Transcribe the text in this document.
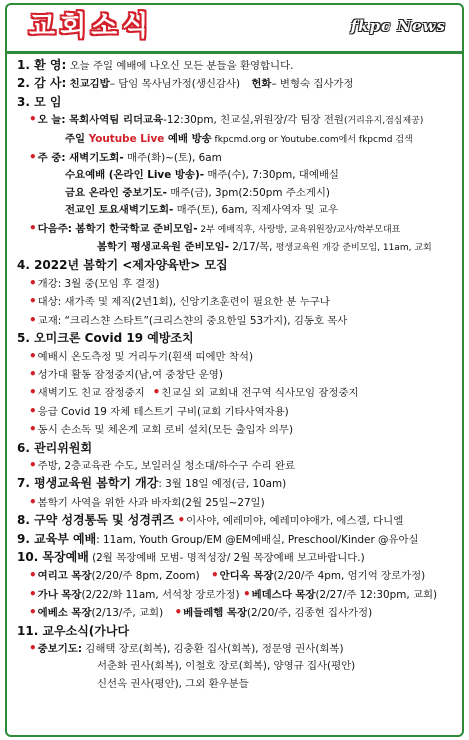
교회소식	fkpc News
1. 환 영: 오늘 주일 예배에 나오신 모든 분들을 환영합니다.
2. 감 사: 친교김밥– 담임 목사님가정(생신감사) 헌화– 변형숙 집사가정
3. 모 임
•오 늘: 목회사역팀 리더교육-12:30pm, 친교실,위원장/각 팀장 전원(거리유지,점심제공)
주일 Youtube Live 예배 방송 fkpcmd.org or Youtube.com에서 fkpcmd 검색
•주 중: 새벽기도회- 매주(화)~(토), 6am
수요예배 (온라인 Live 방송)- 매주(수), 7:30pm, 대예배실
금요 온라인 중보기도- 매주(금), 3pm(2:50pm 주소게시)
전교인 토요새벽기도회- 매주(토), 6am, 직제사역자 및 교우
•다음주: 봄학기 한국학교 준비모임- 2부 예배직후, 사랑방, 교육위원장/교사/학부모대표
봄학기 평생교육원 준비모임- 2/17/목, 평생교육원 개강 준비모임, 11am, 교회
4. 2022년 봄학기 <제자양육반> 모집
•개강: 3월 중(모임 후 결정)
•대상: 새가족 및 제직(2년1회), 신앙기초훈련이 필요한 분 누구나
•교재: “크리스챤 스타트”(크리스챤의 중요한일 53가지), 김동호 목사
5. 오미크론 Covid 19 예방조치
•예배시 온도측정 및 거리두기(흰색 띠에만 착석)
•성가대 활동 잠정중지(남,여 중창단 운영)
•새벽기도 친교 잠정중지 •친교실 외 교회내 전구역 식사모임 잠정중지
•응급 Covid 19 자체 테스트기 구비(교회 기타사역자용)
•동시 손소독 및 체온계 교회 로비 설치(모든 출입자 의무)
6. 관리위원회
•주방, 2층교육관 수도, 보일러실 청소대/하수구 수리 완료
7. 평생교육원 봄학기 개강: 3월 18일 예정(금, 10am)
•봄학기 사역을 위한 사과 바자회(2월 25일~27일)
8. 구약 성경통독 및 성경퀴즈 •이사야, 예레미야, 예레미야애가, 에스겔, 다니엘
9. 교육부 예배: 11am, Youth Group/EM @EM예배실, Preschool/Kinder @유아실
10. 목장예배 (2월 목장예배 모범- 명적성장/ 2월 목장예배 보고바랍니다.)
•여리고 목장(2/20/주 8pm, Zoom) •안디옥 목장(2/20/주 4pm, 엄기억 장로가정)
•가나 목장(2/22/화 11am, 서석창 장로가정) •베데스다 목장(2/27/주 12:30pm, 교회)
•에베소 목장(2/13/주, 교회) •베들레헴 목장(2/20/주, 김종현 집사가정)
11. 교우소식(가나다
•중보기도: 김해택 장로(회복), 김충환 집사(회복), 정문영 권사(회복)
서춘화 권사(회복), 이철호 장로(회복), 양영규 집사(평안)
신선옥 권사(평안), 그외 환우분들
